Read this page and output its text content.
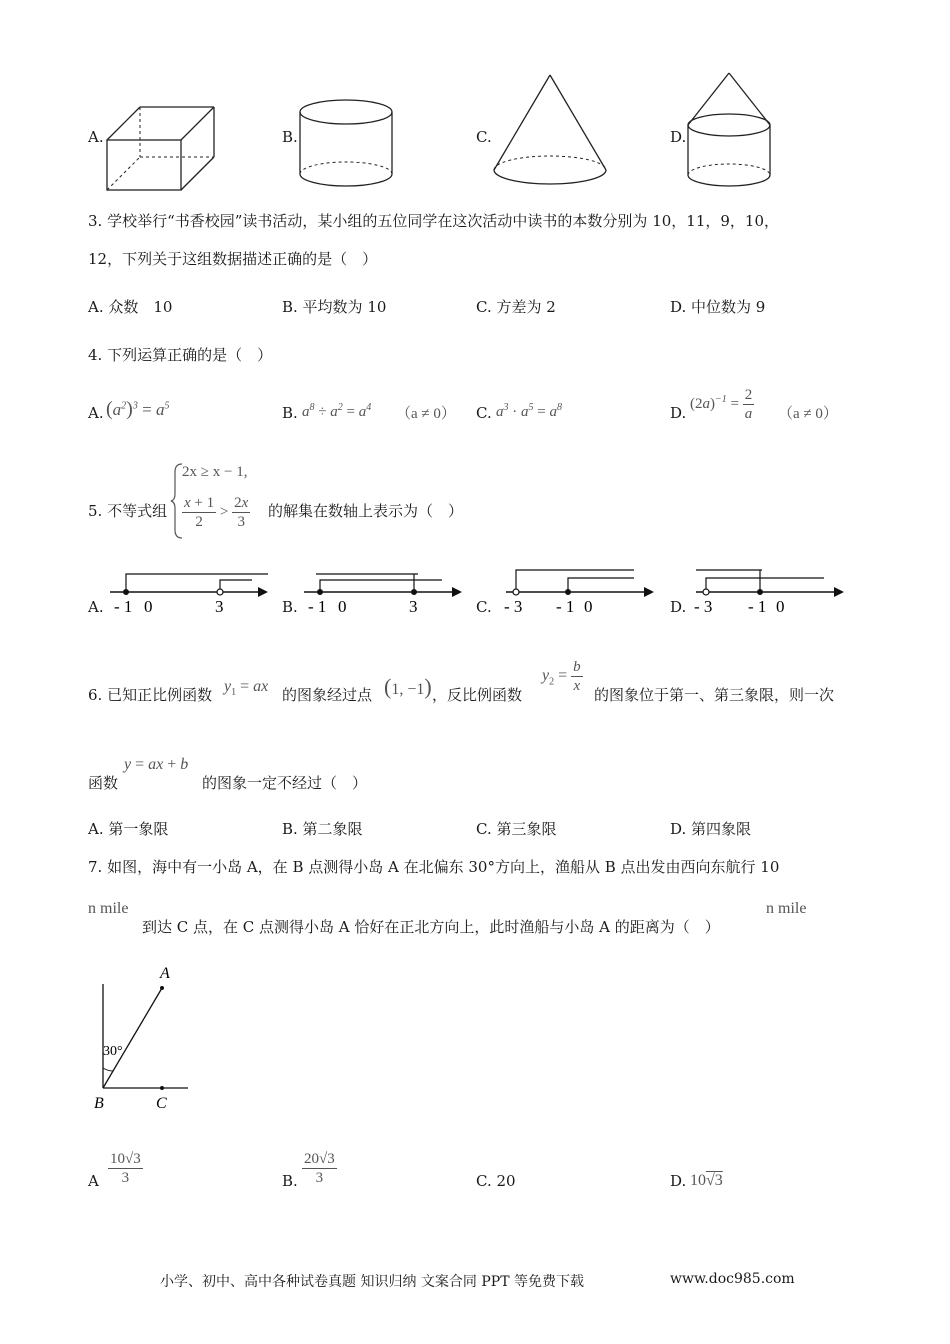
A.	B.	C.	D.
3. 学校举行“书香校园”读书活动，某小组的五位同学在这次活动中读书的本数分别为 10，11，9，10，
12，下列关于这组数据描述正确的是（　）
A. 众数　10	B. 平均数为 10	C. 方差为 2	D. 中位数为 9
4. 下列运算正确的是（　）
A. $(a^2)^3 = a^5$	B. $a^8 \div a^2 = a^4$ （a ≠ 0） C. $a^3 \cdot a^5 = a^8$	D.
$(2a)^{-1} = \frac{2}{a} (a \ne 0)$
5. 不等式组
2x ≥ x − 1,
$\frac{x + 1}{2} > \frac{2x}{3}$ 的解集在数轴上表示为（　）
A. - 1 0	3	B. - 1 0	3	C. - 3 - 1 0	D. - 3 - 1 0
6. 已知正比例函数 $y_1$ = ax 的图象经过点 (1, −1) ，反比例函数
$y_2 = \frac{b}{x}$ 的图象位于第一、第三象限，则一次
函数
y = ax + b
的图象一定不经过（　）
A. 第一象限	B. 第二象限	C. 第三象限	D. 第四象限
7. 如图，海中有一小岛 A，在 B 点测得小岛 A 在北偏东 30°方向上，渔船从 B 点出发由西向东航行 10
n mile
到达 C 点，在 C 点测得小岛 A 恰好在正北方向上，此时渔船与小岛 A 的距离为（　）
n mile
A
B	C
30°
A $\frac{10√3}{3}$	B. $\frac{20√3}{3}$	C. 20	D. 10√3
小学、初中、高中各种试卷真题 知识归纳 文案合同 PPT 等免费下载	www.doc985.com
